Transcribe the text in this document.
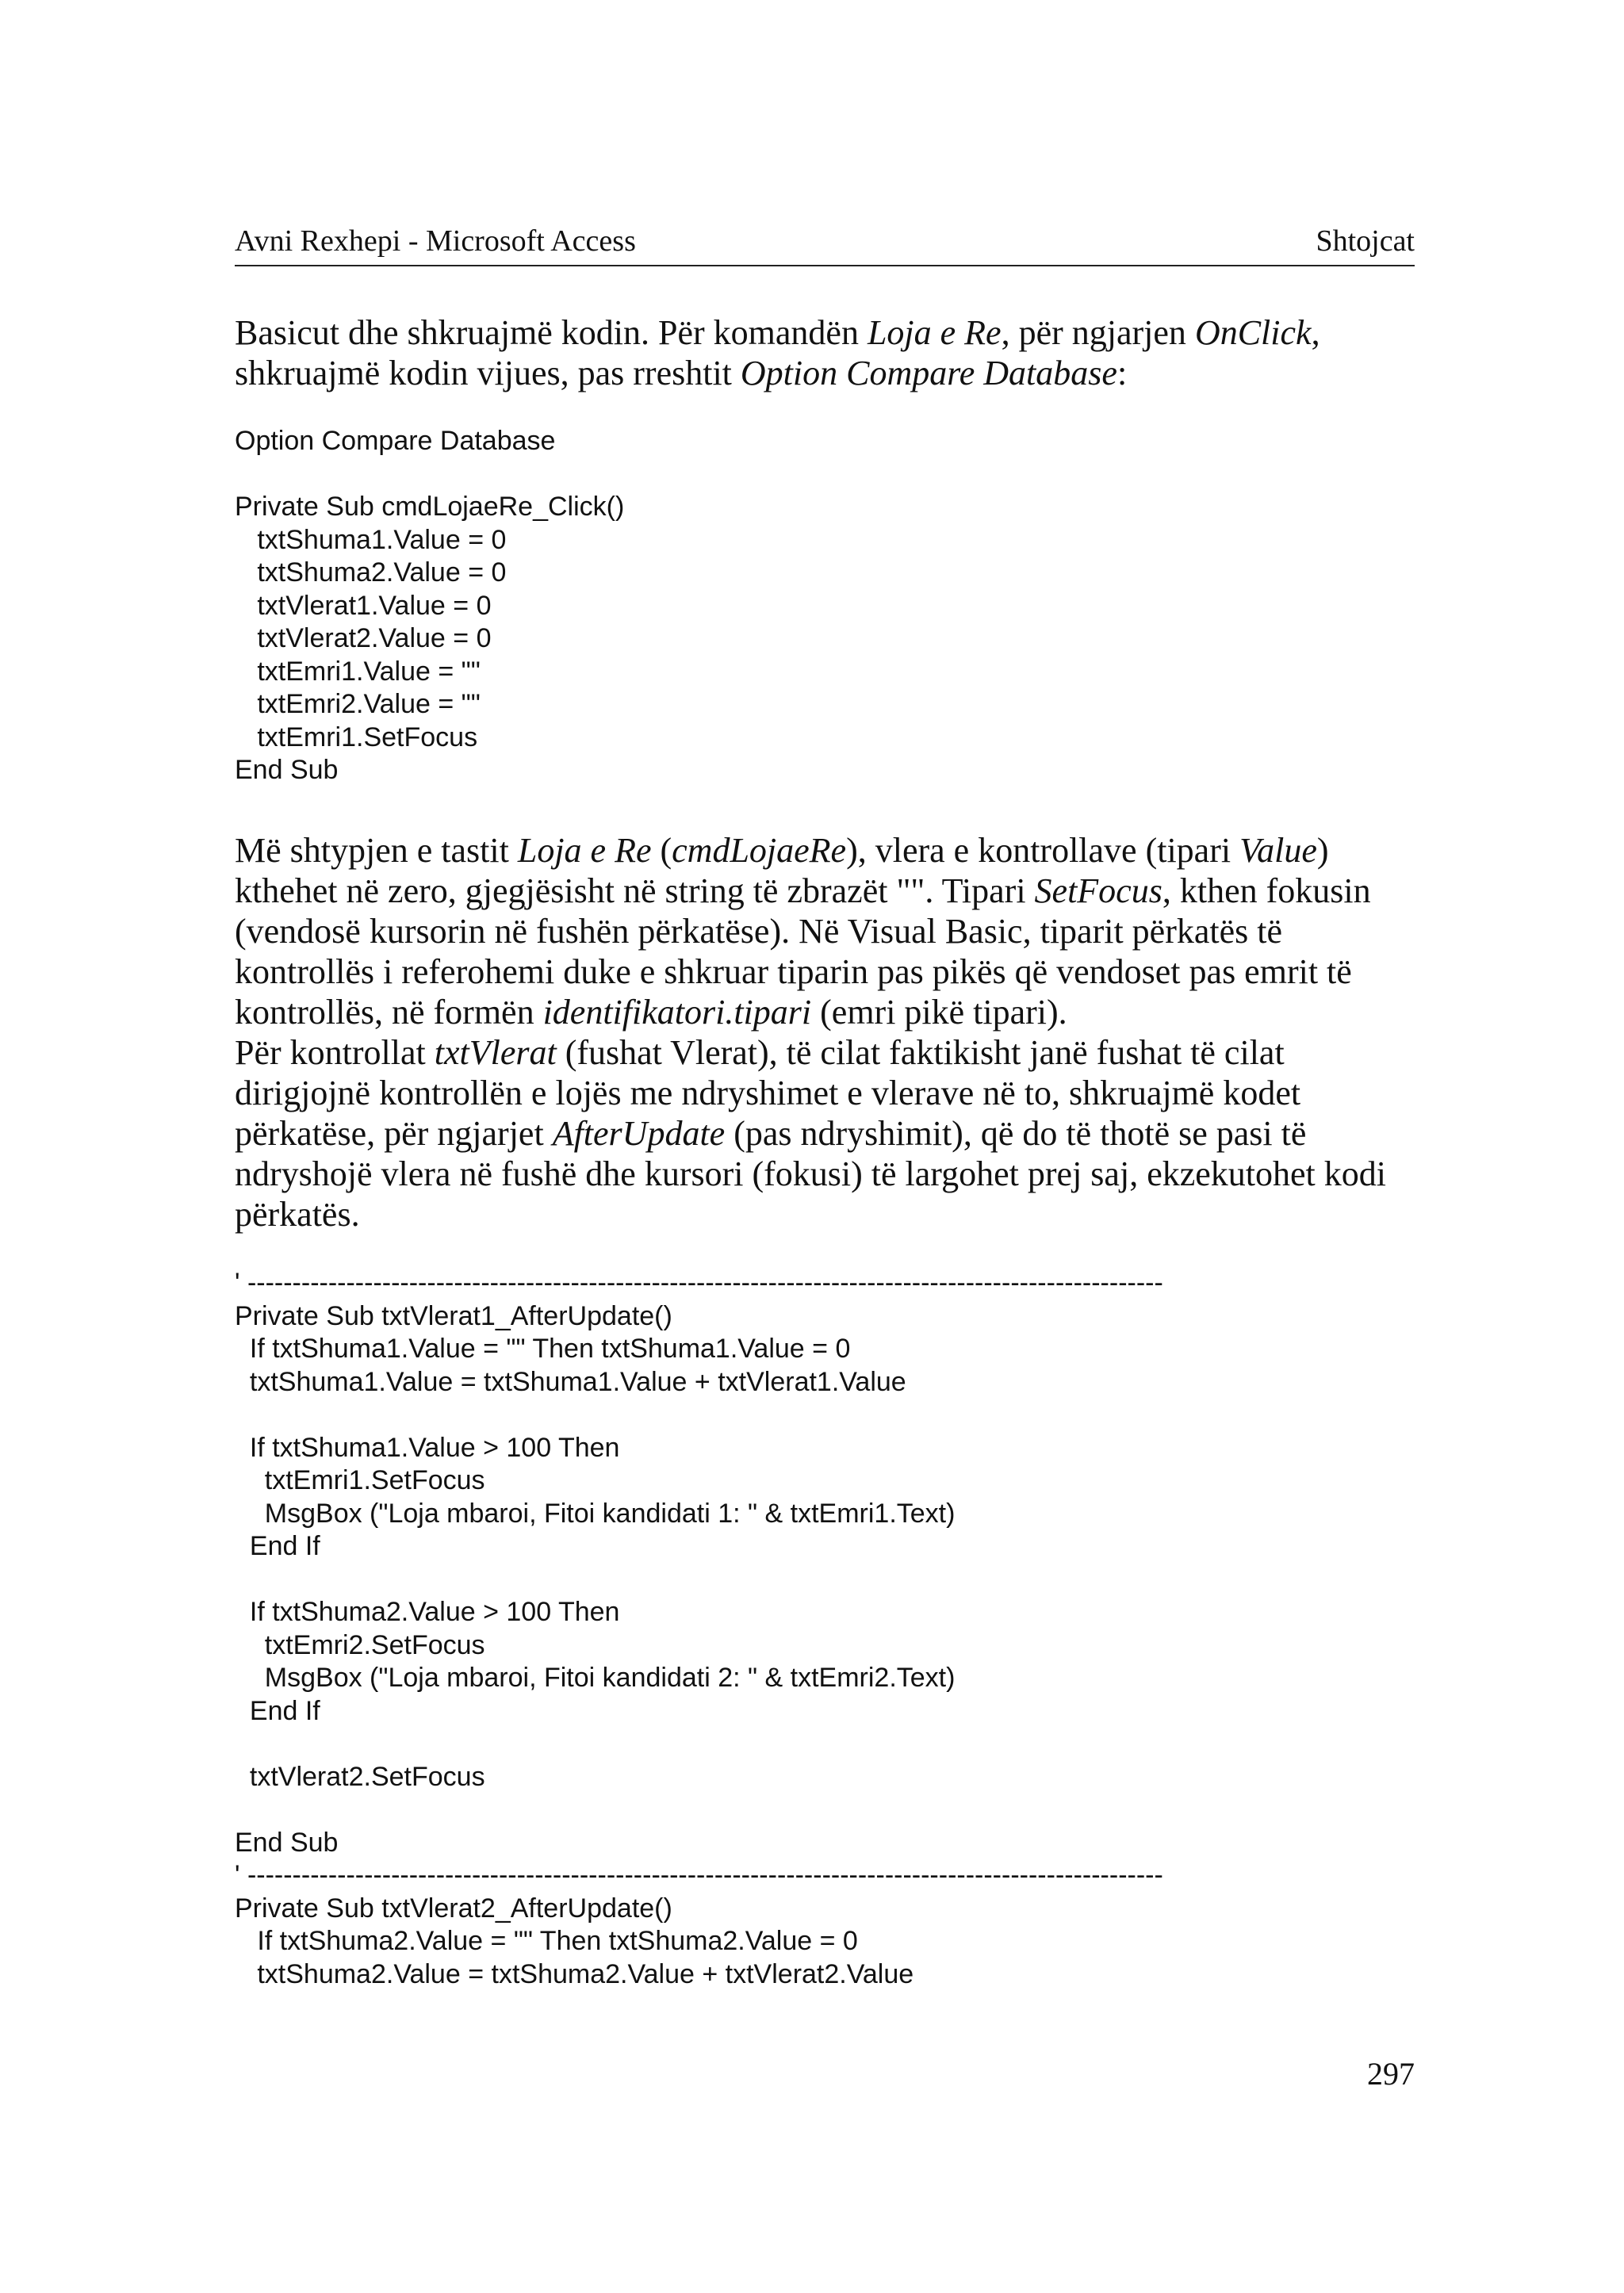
Avni Rexhepi - Microsoft Access	Shtojcat

Basicut dhe shkruajmë kodin. Për komandën Loja e Re, për ngjarjen OnClick,
shkruajmë kodin vijues, pas rreshtit Option Compare Database:

Option Compare Database
Private Sub cmdLojaeRe_Click()
txtShuma1.Value = 0
txtShuma2.Value = 0
txtVlerat1.Value = 0
txtVlerat2.Value = 0
txtEmri1.Value = ""
txtEmri2.Value = ""
txtEmri1.SetFocus
End Sub

Më shtypjen e tastit Loja e Re (cmdLojaeRe), vlera e kontrollave (tipari Value)
kthehet në zero, gjegjësisht në string të zbrazët "". Tipari SetFocus, kthen fokusin
(vendosë kursorin në fushën përkatëse). Në Visual Basic, tiparit përkatës të
kontrollës i referohemi duke e shkruar tiparin pas pikës që vendoset pas emrit të
kontrollës, në formën identifikatori.tipari (emri pikë tipari).

Për kontrollat txtVlerat (fushat Vlerat), të cilat faktikisht janë fushat të cilat
dirigjojnë kontrollën e lojës me ndryshimet e vlerave në to, shkruajmë kodet
përkatëse, për ngjarjet AfterUpdate (pas ndryshimit), që do të thotë se pasi të
ndryshojë vlera në fushë dhe kursori (fokusi) të largohet prej saj, ekzekutohet kodi
përkatës.

' ------------------------------------------------------------------------------------------------------
Private Sub txtVlerat1_AfterUpdate()
If txtShuma1.Value = "" Then txtShuma1.Value = 0
txtShuma1.Value = txtShuma1.Value + txtVlerat1.Value
If txtShuma1.Value > 100 Then
txtEmri1.SetFocus
MsgBox ("Loja mbaroi, Fitoi kandidati 1: " & txtEmri1.Text)
End If
If txtShuma2.Value > 100 Then
txtEmri2.SetFocus
MsgBox ("Loja mbaroi, Fitoi kandidati 2: " & txtEmri2.Text)
End If
txtVlerat2.SetFocus
End Sub
' ------------------------------------------------------------------------------------------------------
Private Sub txtVlerat2_AfterUpdate()
If txtShuma2.Value = "" Then txtShuma2.Value = 0
txtShuma2.Value = txtShuma2.Value + txtVlerat2.Value
297
